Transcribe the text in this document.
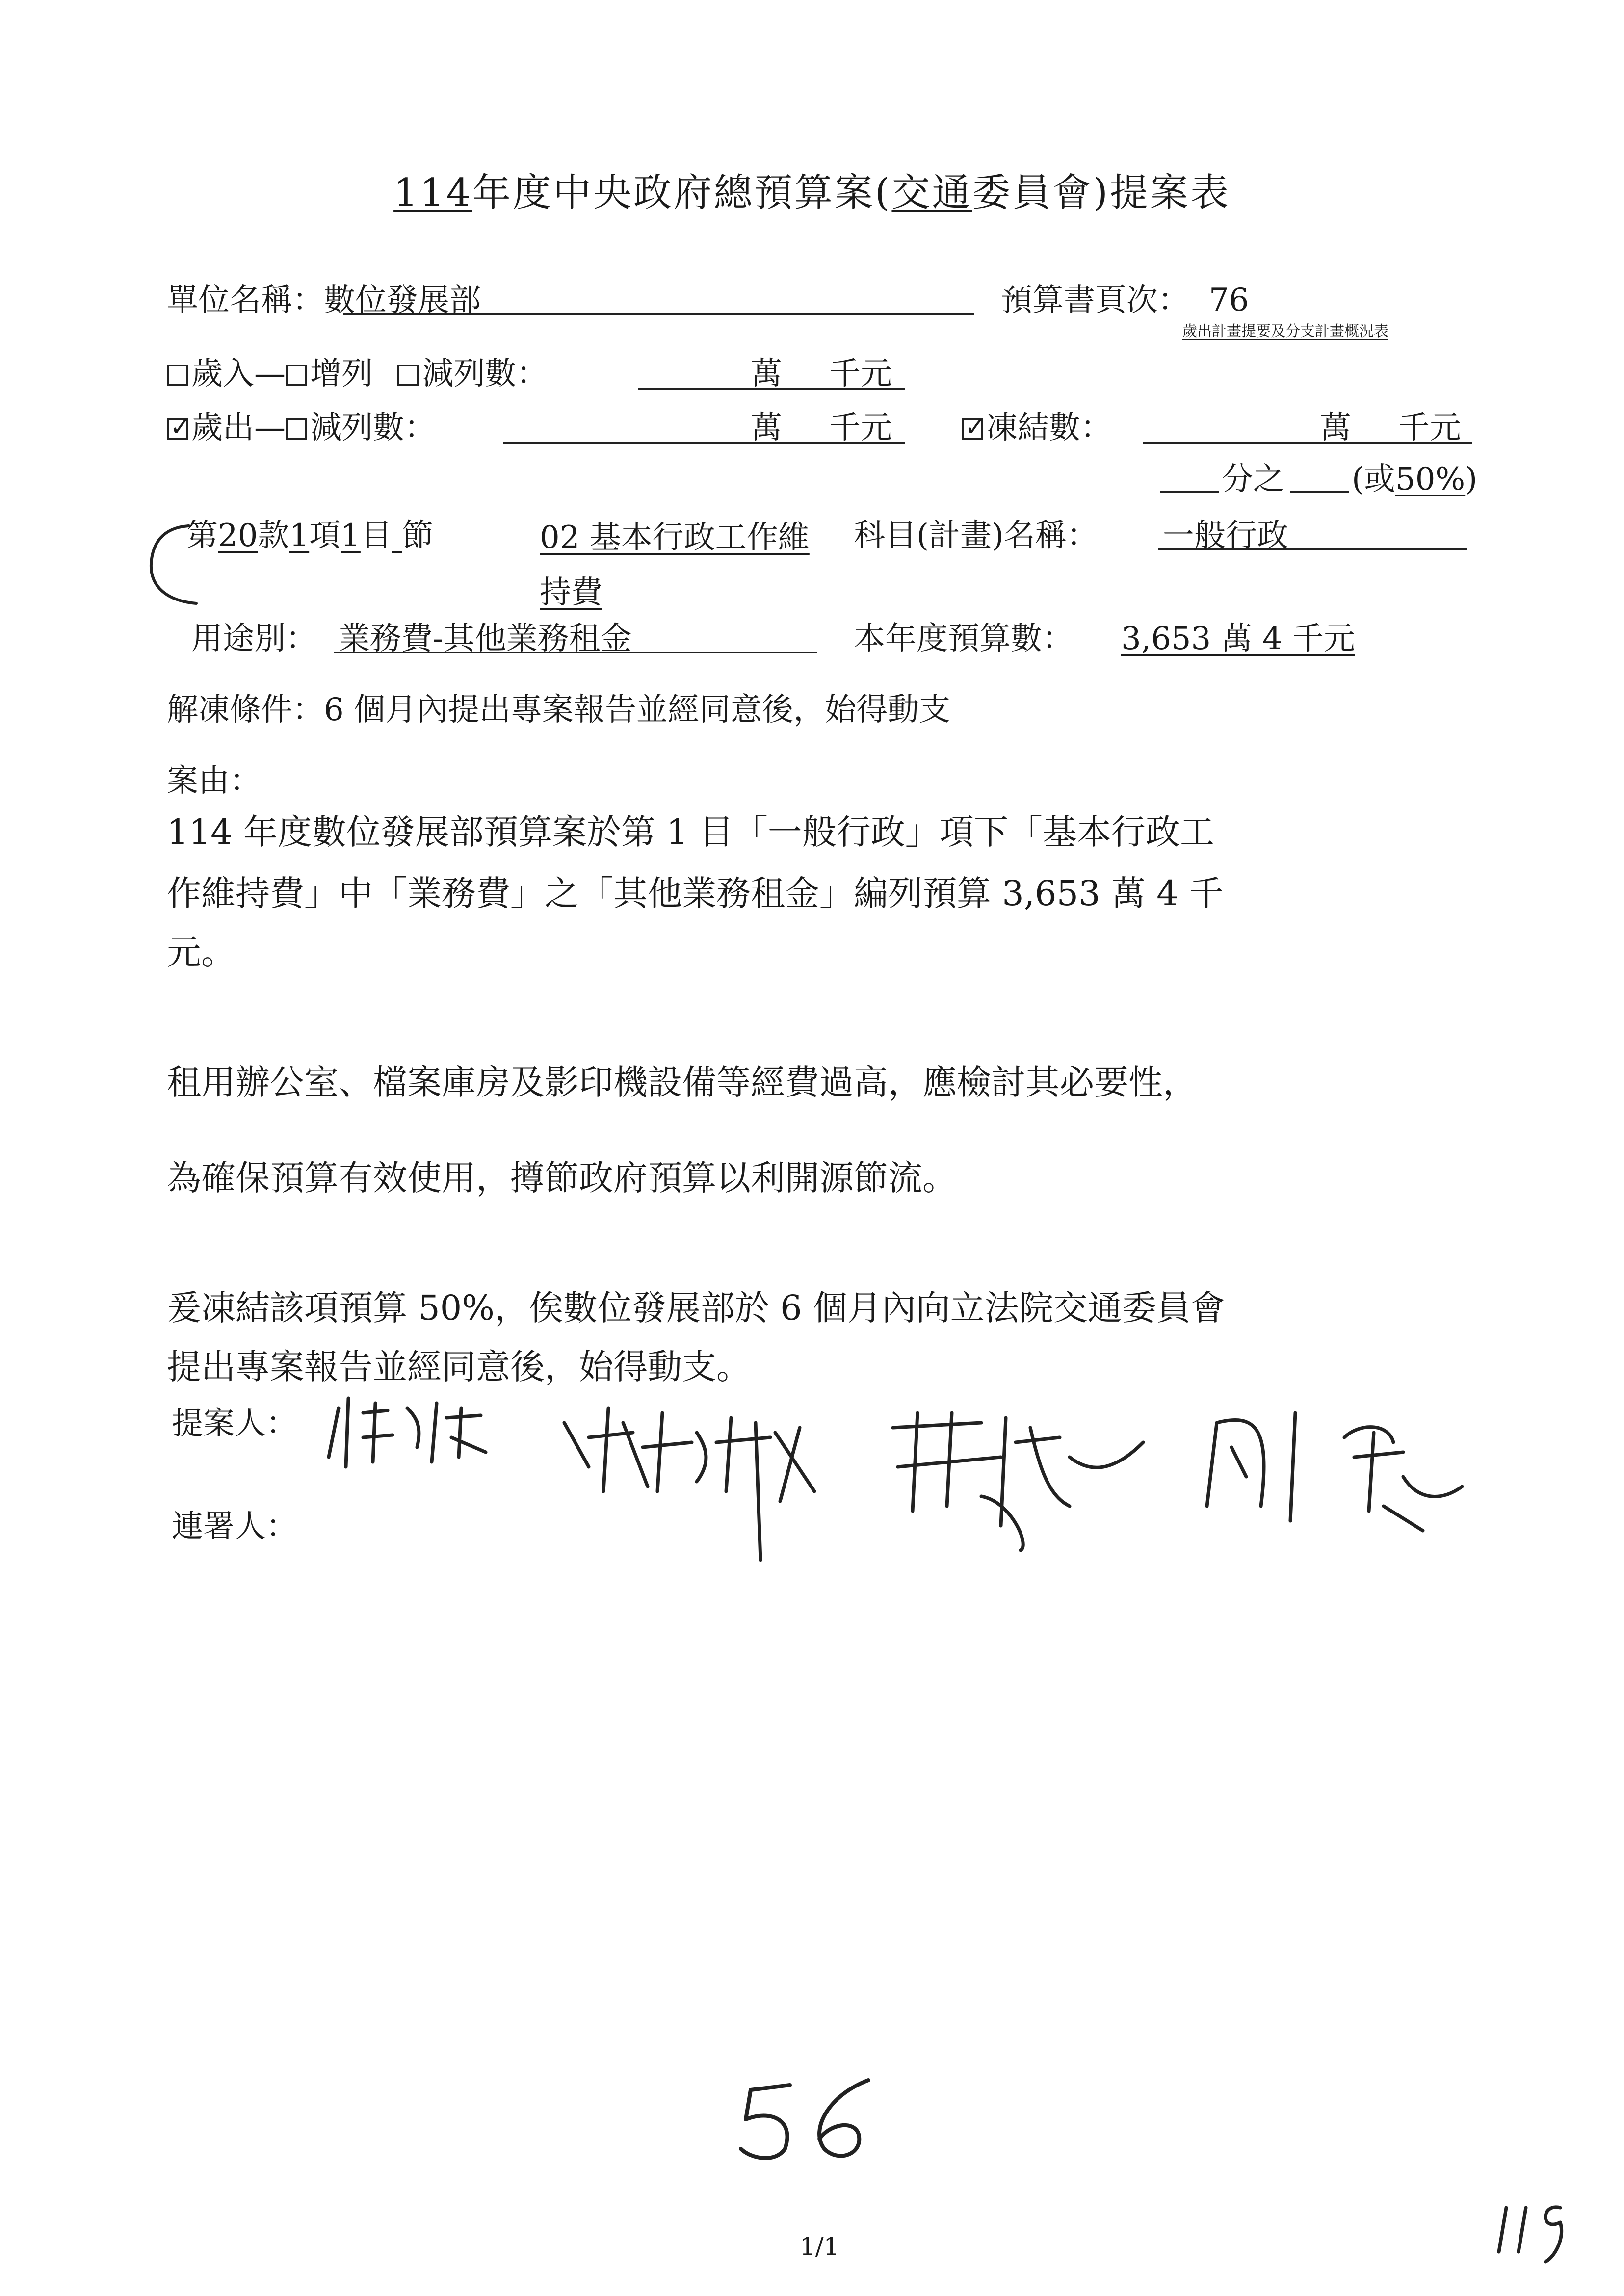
114年度中央政府總預算案(交通委員會)提案表
單位名稱：數位發展部	預算書頁次： 76
歲出計畫提要及分支計畫概況表
歲入— 增列 減列數：	萬 千元
✓歲出— 減列數：	萬 千元
✓	凍結數：	萬 千元
分之 (或50%)
第20款1項1目 節	02 基本行政工作維持費
科目(計畫)名稱： 一般行政
用途別： 業務費-其他業務租金	本年度預算數： 3,653 萬 4 千元
解凍條件：6 個月內提出專案報告並經同意後，始得動支
案由：
114 年度數位發展部預算案於第 1 目「一般行政」項下「基本行政工
作維持費」中「業務費」之「其他業務租金」編列預算 3,653 萬 4 千
元。
租用辦公室、檔案庫房及影印機設備等經費過高，應檢討其必要性，
為確保預算有效使用，撙節政府預算以利開源節流。
爰凍結該項預算 50%，俟數位發展部於 6 個月內向立法院交通委員會
提出專案報告並經同意後，始得動支。
提案人：
連署人：
1/1
